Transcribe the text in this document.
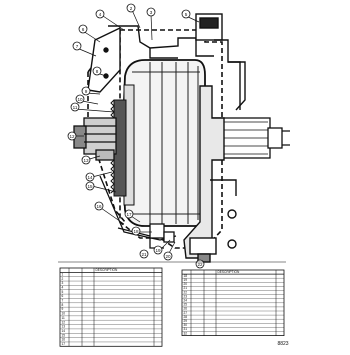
4
2
3	5
6
7
8
9
10
11
12
13
14
15
16
17
18
19
20
21
22
DESCRIPTION
1
2
3
4
5
6
7
8
9
10
11
12
13
14
15
16
17
DESCRIPTION
18
19
20
21
22
23
24
25
26
27
28
29
30
31
32
8823
